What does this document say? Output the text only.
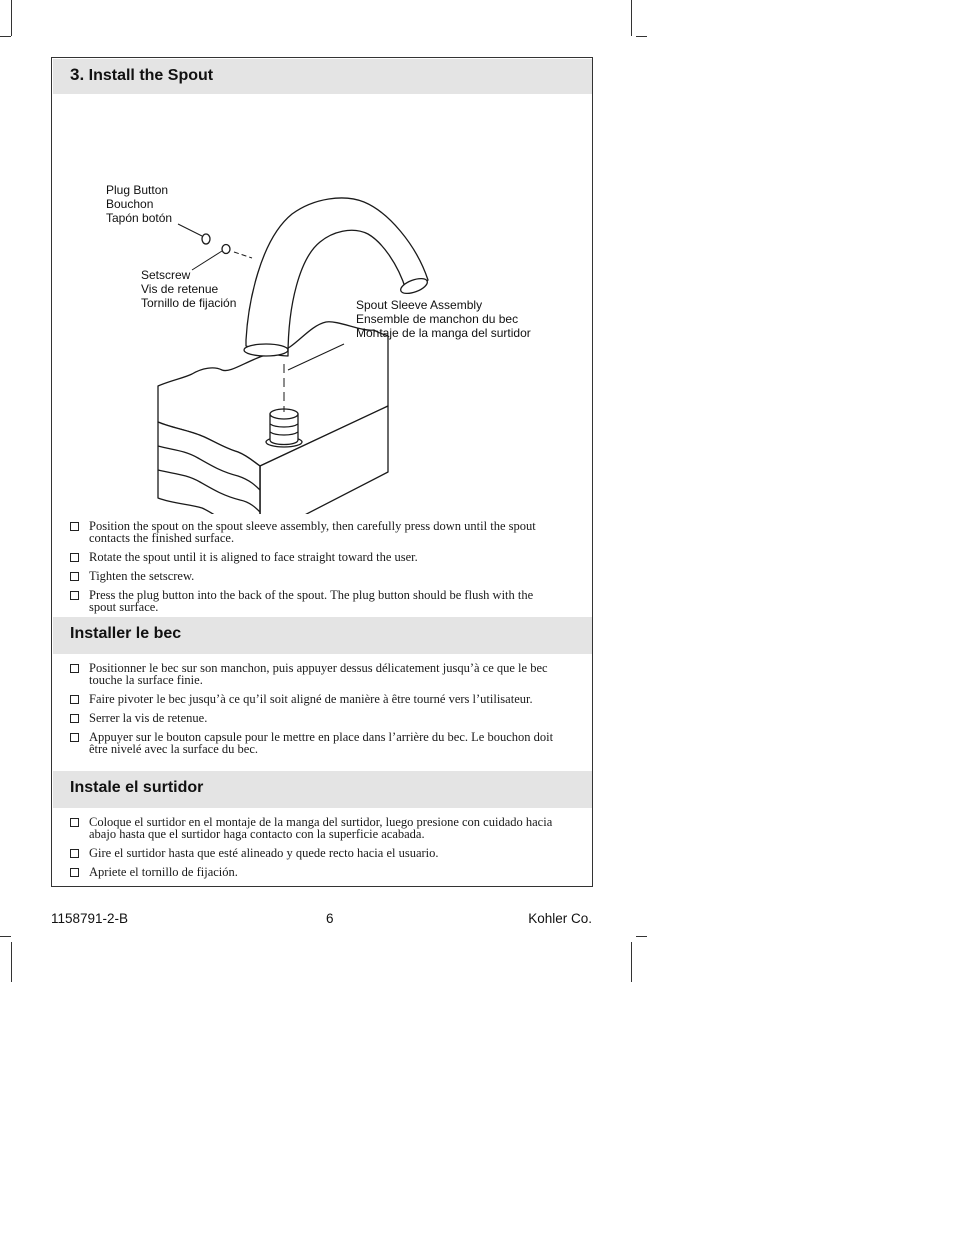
3. Install the Spout
Plug Button
Bouchon
Tapón botón
Setscrew
Vis de retenue
Tornillo de fijación	Spout Sleeve Assembly
Ensemble de manchon du bec
Montaje de la manga del surtidor
Position the spout on the spout sleeve assembly, then carefully press down until the spout contacts the finished surface.
Rotate the spout until it is aligned to face straight toward the user.
Tighten the setscrew.
Press the plug button into the back of the spout. The plug button should be flush with the spout surface.
Installer le bec
Positionner le bec sur son manchon, puis appuyer dessus délicatement jusqu’à ce que le bec touche la surface finie.
Faire pivoter le bec jusqu’à ce qu’il soit aligné de manière à être tourné vers l’utilisateur.
Serrer la vis de retenue.
Appuyer sur le bouton capsule pour le mettre en place dans l’arrière du bec. Le bouchon doit être nivelé avec la surface du bec.
Instale el surtidor
Coloque el surtidor en el montaje de la manga del surtidor, luego presione con cuidado hacia abajo hasta que el surtidor haga contacto con la superficie acabada.
Gire el surtidor hasta que esté alineado y quede recto hacia el usuario.
Apriete el tornillo de fijación.
1158791-2-B	6	Kohler Co.
